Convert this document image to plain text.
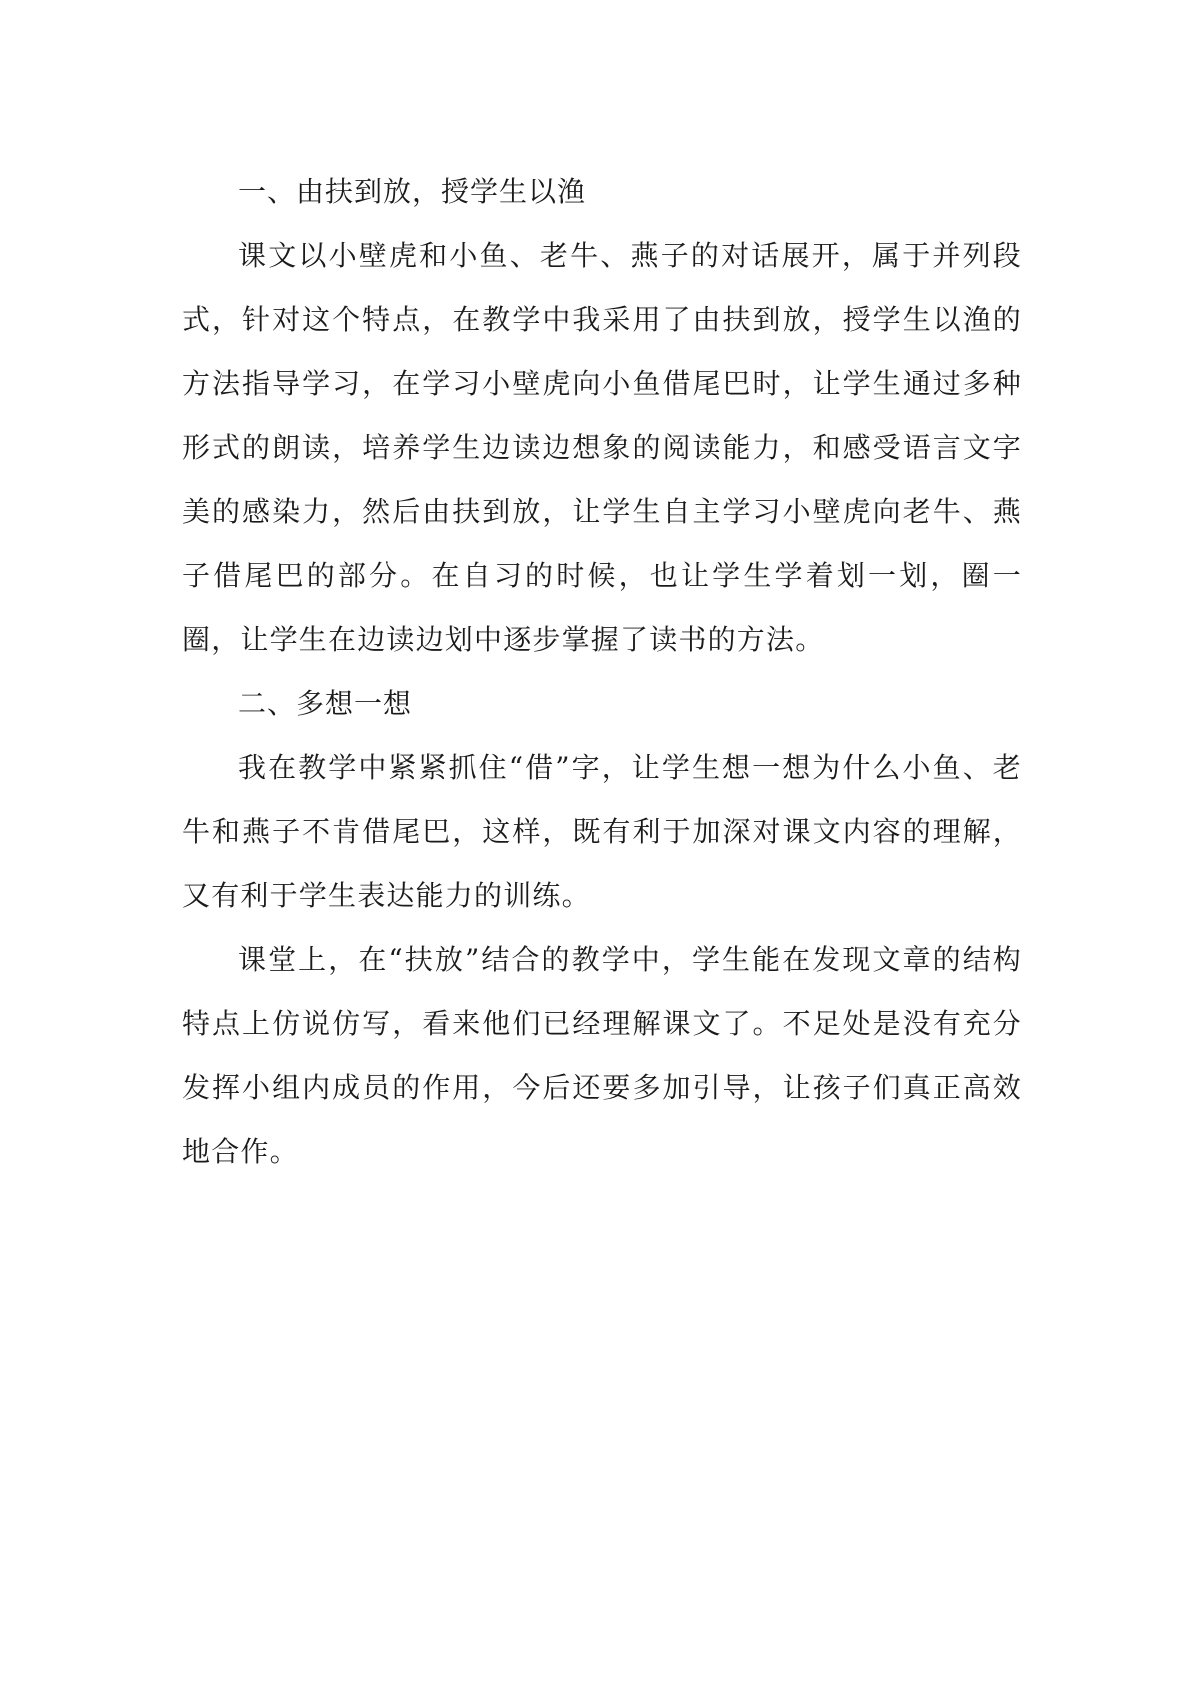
一、由扶到放，授学生以渔

课文以小壁虎和小鱼、老牛、燕子的对话展开，属于并列段式，针对这个特点，在教学中我采用了由扶到放，授学生以渔的方法指导学习，在学习小壁虎向小鱼借尾巴时，让学生通过多种形式的朗读，培养学生边读边想象的阅读能力，和感受语言文字美的感染力，然后由扶到放，让学生自主学习小壁虎向老牛、燕子借尾巴的部分。在自习的时候，也让学生学着划一划，圈一圈，让学生在边读边划中逐步掌握了读书的方法。

二、多想一想

我在教学中紧紧抓住“借”字，让学生想一想为什么小鱼、老牛和燕子不肯借尾巴，这样，既有利于加深对课文内容的理解，又有利于学生表达能力的训练。

课堂上，在“扶放”结合的教学中，学生能在发现文章的结构特点上仿说仿写，看来他们已经理解课文了。不足处是没有充分发挥小组内成员的作用，今后还要多加引导，让孩子们真正高效地合作。
